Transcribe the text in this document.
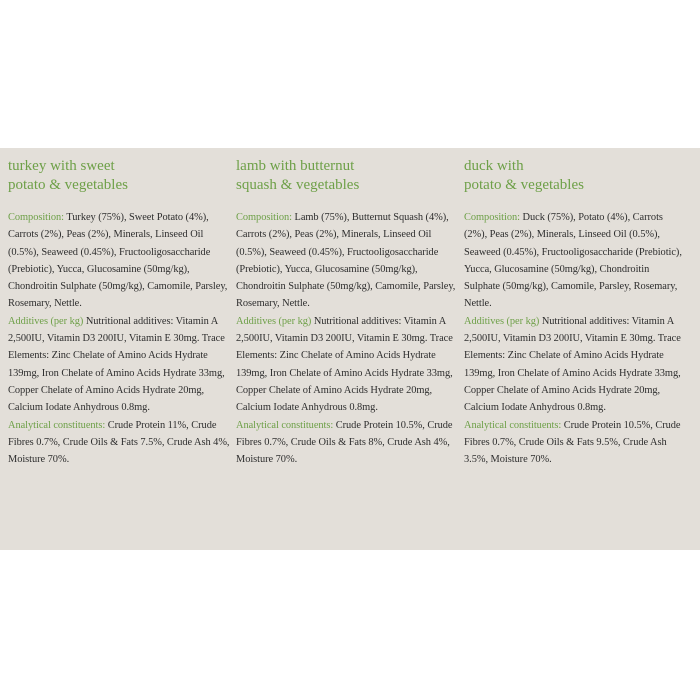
turkey with sweet
potato & vegetables

Composition: Turkey (75%), Sweet Potato (4%), Carrots (2%), Peas (2%), Minerals, Linseed Oil (0.5%), Seaweed (0.45%), Fructooligosaccharide (Prebiotic), Yucca, Glucosamine (50mg/kg), Chondroitin Sulphate (50mg/kg), Camomile, Parsley, Rosemary, Nettle.

Additives (per kg) Nutritional additives: Vitamin A 2,500IU, Vitamin D3 200IU, Vitamin E 30mg. Trace Elements: Zinc Chelate of Amino Acids Hydrate 139mg, Iron Chelate of Amino Acids Hydrate 33mg, Copper Chelate of Amino Acids Hydrate 20mg, Calcium Iodate Anhydrous 0.8mg.

Analytical constituents: Crude Protein 11%, Crude Fibres 0.7%, Crude Oils & Fats 7.5%, Crude Ash 4%, Moisture 70%.

lamb with butternut
squash & vegetables

Composition: Lamb (75%), Butternut Squash (4%), Carrots (2%), Peas (2%), Minerals, Linseed Oil (0.5%), Seaweed (0.45%), Fructooligosaccharide (Prebiotic), Yucca, Glucosamine (50mg/kg), Chondroitin Sulphate (50mg/kg), Camomile, Parsley, Rosemary, Nettle.

Additives (per kg) Nutritional additives: Vitamin A 2,500IU, Vitamin D3 200IU, Vitamin E 30mg. Trace Elements: Zinc Chelate of Amino Acids Hydrate 139mg, Iron Chelate of Amino Acids Hydrate 33mg, Copper Chelate of Amino Acids Hydrate 20mg, Calcium Iodate Anhydrous 0.8mg.

Analytical constituents: Crude Protein 10.5%, Crude Fibres 0.7%, Crude Oils & Fats 8%, Crude Ash 4%, Moisture 70%.

duck with
potato & vegetables

Composition: Duck (75%), Potato (4%), Carrots (2%), Peas (2%), Minerals, Linseed Oil (0.5%), Seaweed (0.45%), Fructooligosaccharide (Prebiotic), Yucca, Glucosamine (50mg/kg), Chondroitin Sulphate (50mg/kg), Camomile, Parsley, Rosemary, Nettle.

Additives (per kg) Nutritional additives: Vitamin A 2,500IU, Vitamin D3 200IU, Vitamin E 30mg. Trace Elements: Zinc Chelate of Amino Acids Hydrate 139mg, Iron Chelate of Amino Acids Hydrate 33mg, Copper Chelate of Amino Acids Hydrate 20mg, Calcium Iodate Anhydrous 0.8mg.

Analytical constituents: Crude Protein 10.5%, Crude Fibres 0.7%, Crude Oils & Fats 9.5%, Crude Ash 3.5%, Moisture 70%.
